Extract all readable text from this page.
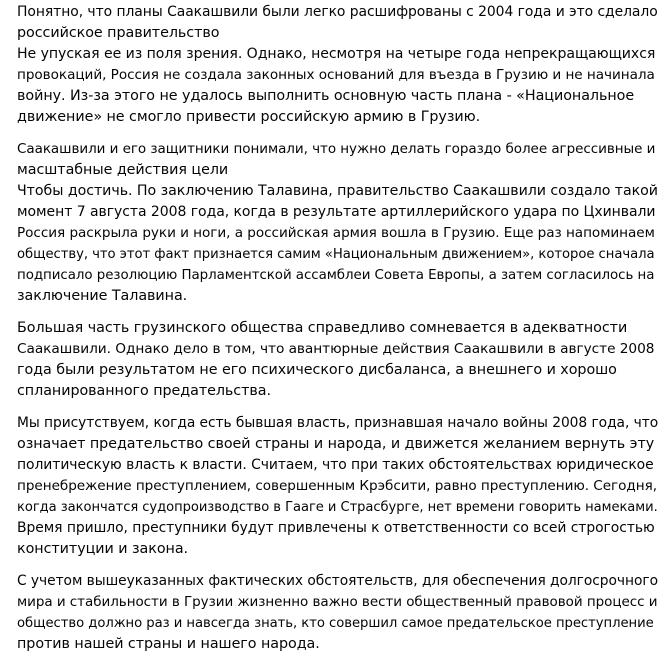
Понятно, что планы Саакашвили были легко расшифрованы с 2004 года и это сделало
российское правительство
Не упуская ее из поля зрения. Однако, несмотря на четыре года непрекращающихся
провокаций, Россия не создала законных оснований для въезда в Грузию и не начинала
войну. Из-за этого не удалось выполнить основную часть плана - «Национальное
движение» не смогло привести российскую армию в Грузию.

Саакашвили и его защитники понимали, что нужно делать гораздо более агрессивные и
масштабные действия цели
Чтобы достичь. По заключению Талавина, правительство Саакашвили создало такой
момент 7 августа 2008 года, когда в результате артиллерийского удара по Цхинвали
Россия раскрыла руки и ноги, а российская армия вошла в Грузию. Еще раз напоминаем
обществу, что этот факт признается самим «Национальным движением», которое сначала
подписало резолюцию Парламентской ассамблеи Совета Европы, а затем согласилось на
заключение Талавина.

Большая часть грузинского общества справедливо сомневается в адекватности
Саакашвили. Однако дело в том, что авантюрные действия Саакашвили в августе 2008
года были результатом не его психического дисбаланса, а внешнего и хорошо
спланированного предательства.

Мы присутствуем, когда есть бывшая власть, признавшая начало войны 2008 года, что
означает предательство своей страны и народа, и движется желанием вернуть эту
политическую власть к власти. Считаем, что при таких обстоятельствах юридическое
пренебрежение преступлением, совершенным Крэбсити, равно преступлению. Сегодня,
когда закончатся судопроизводство в Гааге и Страсбурге, нет времени говорить намеками.
Время пришло, преступники будут привлечены к ответственности со всей строгостью
конституции и закона.

С учетом вышеуказанных фактических обстоятельств, для обеспечения долгосрочного
мира и стабильности в Грузии жизненно важно вести общественный правовой процесс и
общество должно раз и навсегда знать, кто совершил самое предательское преступление
против нашей страны и нашего народа.
